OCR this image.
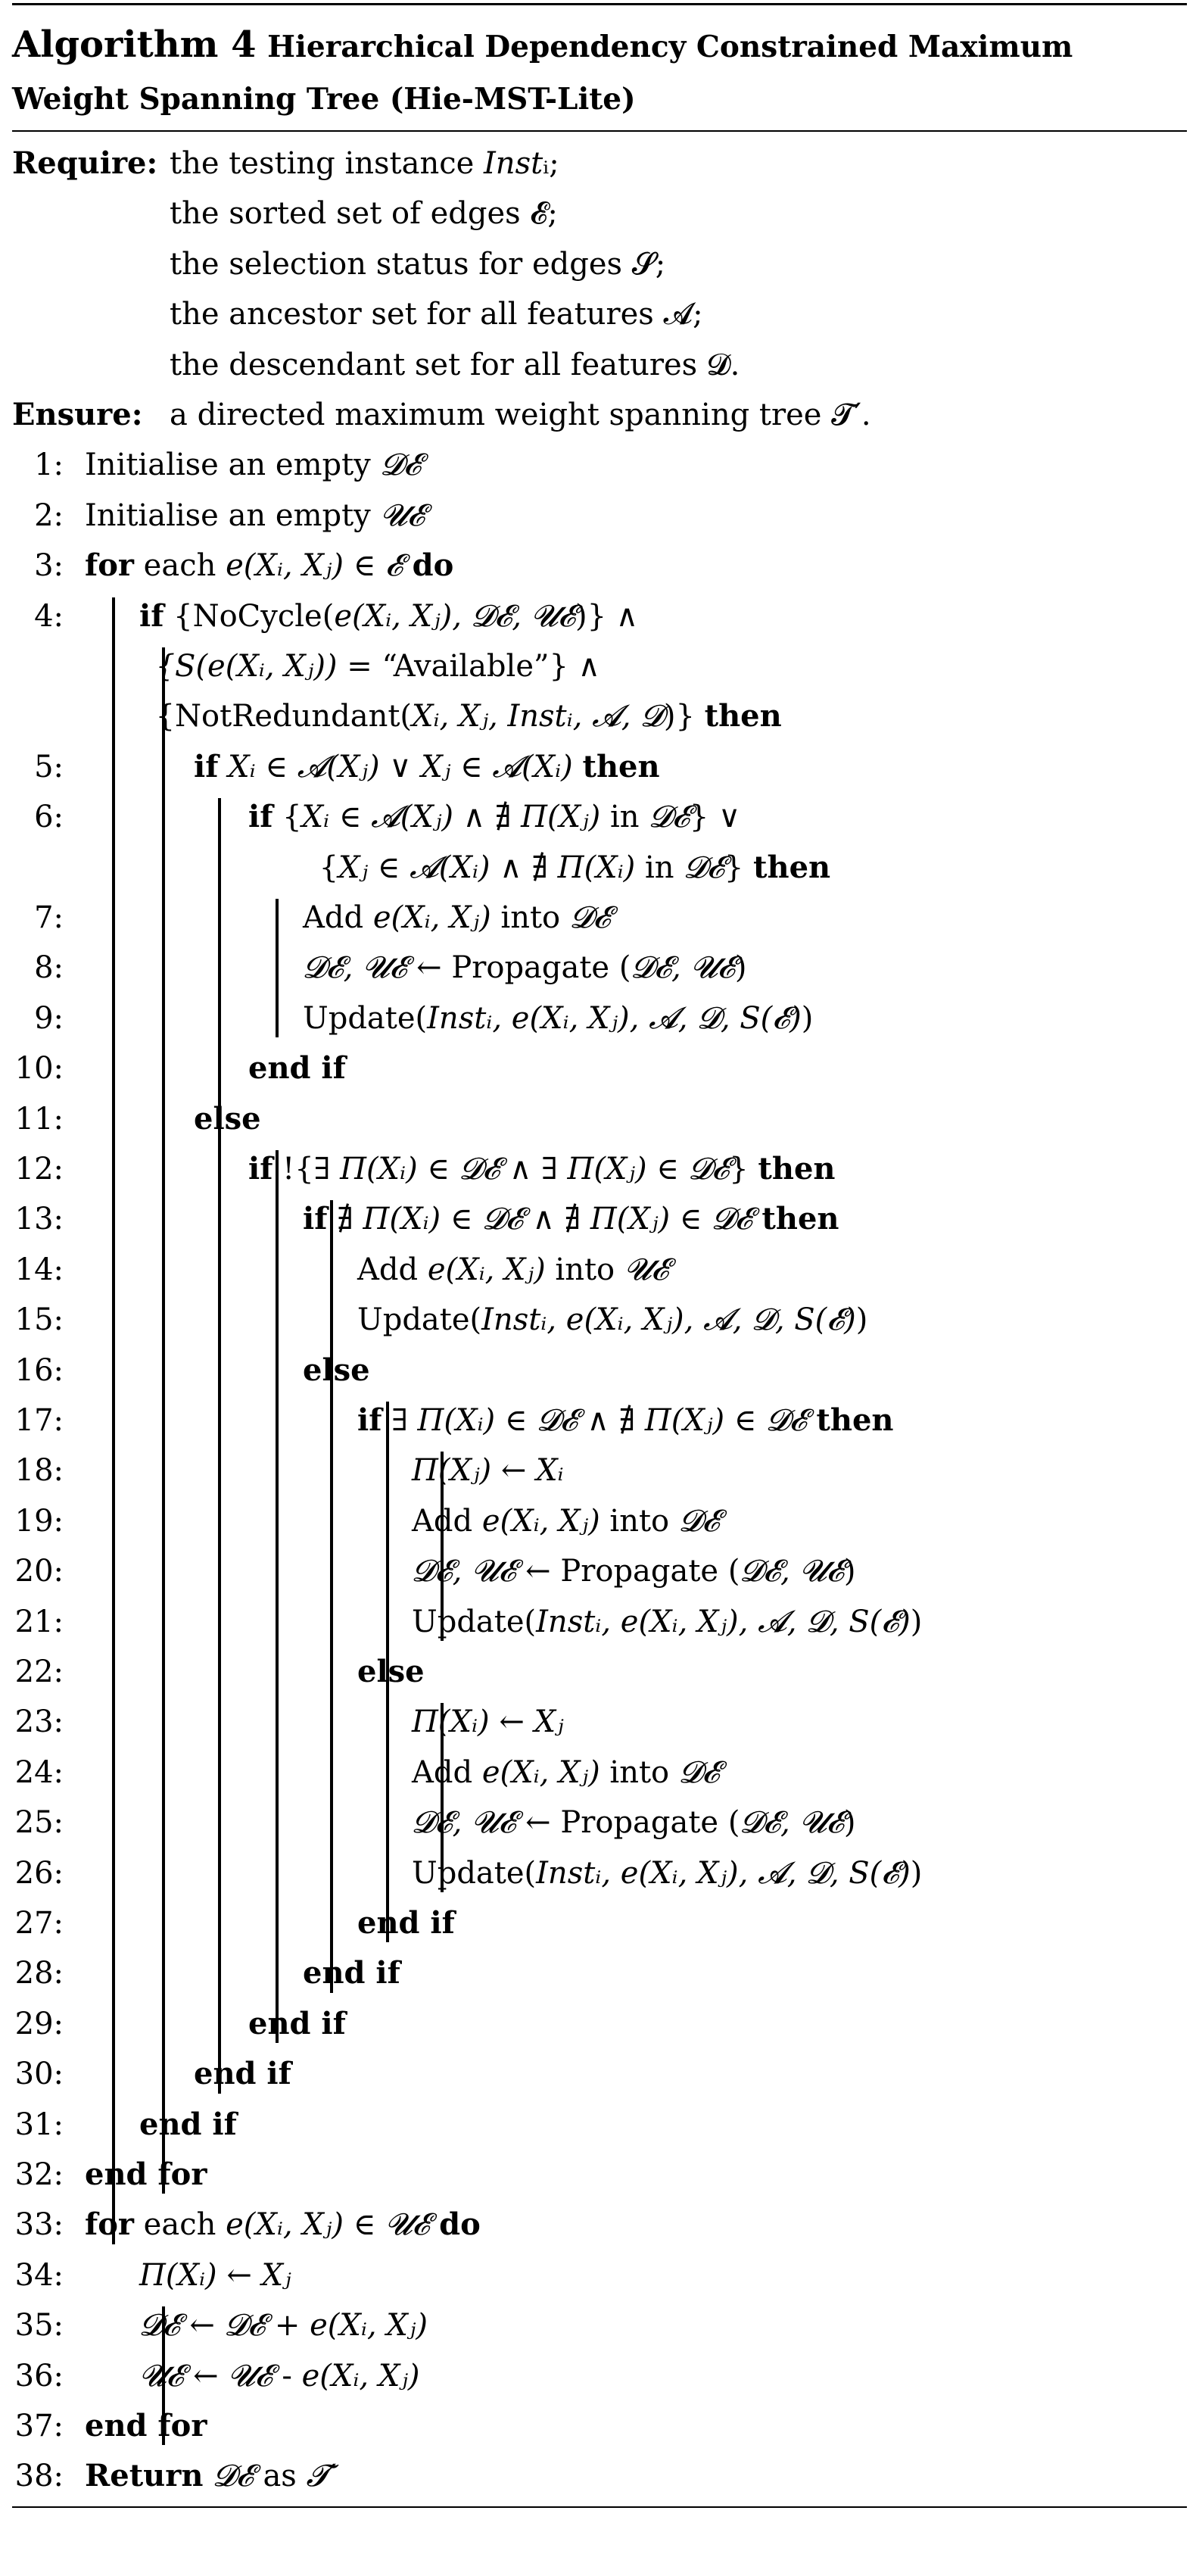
Algorithm 4 Hierarchical Dependency Constrained Maximum Weight Spanning Tree (Hie-MST-Lite)
Require: the testing instance 𝐼𝑛𝑠𝑡ᵢ;
the sorted set of edges 𝓔;
the selection status for edges 𝓢;
the ancestor set for all features 𝓐;
the descendant set for all features 𝓓.
Ensure: a directed maximum weight spanning tree 𝓣′.
1: Initialise an empty 𝓓𝓔
2: Initialise an empty 𝓤𝓔
3: for each e(Xᵢ, Xⱼ) ∈ 𝓔 do
4:	if {NoCycle(e(Xᵢ, Xⱼ), 𝓓𝓔, 𝓤𝓔)} ∧
{S(e(Xᵢ, Xⱼ)) = “Available”} ∧
{NotRedundant(Xᵢ, Xⱼ, Instᵢ, 𝓐, 𝓓)} then
5:	if Xᵢ ∈ 𝓐(Xⱼ) ∨ Xⱼ ∈ 𝓐(Xᵢ) then
6:	if {Xᵢ ∈ 𝓐(Xⱼ) ∧ ∄ Π(Xⱼ) in 𝓓𝓔} ∨
{Xⱼ ∈ 𝓐(Xᵢ) ∧ ∄ Π(Xᵢ) in 𝓓𝓔} then
7:	Add e(Xᵢ, Xⱼ) into 𝓓𝓔
8:	𝓓𝓔, 𝓤𝓔 ← Propagate (𝓓𝓔, 𝓤𝓔)
9:	Update(Instᵢ, e(Xᵢ, Xⱼ), 𝓐, 𝓓, S(𝓔))
10:	end if
11:	else
12:	if !{∃ Π(Xᵢ) ∈ 𝓓𝓔 ∧ ∃ Π(Xⱼ) ∈ 𝓓𝓔} then
13:	if ∄ Π(Xᵢ) ∈ 𝓓𝓔 ∧ ∄ Π(Xⱼ) ∈ 𝓓𝓔 then
14:	Add e(Xᵢ, Xⱼ) into 𝓤𝓔
15:	Update(Instᵢ, e(Xᵢ, Xⱼ), 𝓐, 𝓓, S(𝓔))
16:	else
17:	if ∃ Π(Xᵢ) ∈ 𝓓𝓔 ∧ ∄ Π(Xⱼ) ∈ 𝓓𝓔 then
18:	Π(Xⱼ) ← Xᵢ
19:	Add e(Xᵢ, Xⱼ) into 𝓓𝓔
20:	𝓓𝓔, 𝓤𝓔 ← Propagate (𝓓𝓔, 𝓤𝓔)
21:	Update(Instᵢ, e(Xᵢ, Xⱼ), 𝓐, 𝓓, S(𝓔))
22:	else
23:	Π(Xᵢ) ← Xⱼ
24:	Add e(Xᵢ, Xⱼ) into 𝓓𝓔
25:	𝓓𝓔, 𝓤𝓔 ← Propagate (𝓓𝓔, 𝓤𝓔)
26:	Update(Instᵢ, e(Xᵢ, Xⱼ), 𝓐, 𝓓, S(𝓔))
27:	end if
28:	end if
29:	end if
30:	end if
31:	end if
32: end for
33: for each e(Xᵢ, Xⱼ) ∈ 𝓤𝓔 do
34:	Π(Xᵢ) ← Xⱼ
35:	𝓓𝓔 ← 𝓓𝓔 + e(Xᵢ, Xⱼ)
36:	𝓤𝓔 ← 𝓤𝓔 - e(Xᵢ, Xⱼ)
37: end for
38: Return 𝓓𝓔 as 𝓣′
